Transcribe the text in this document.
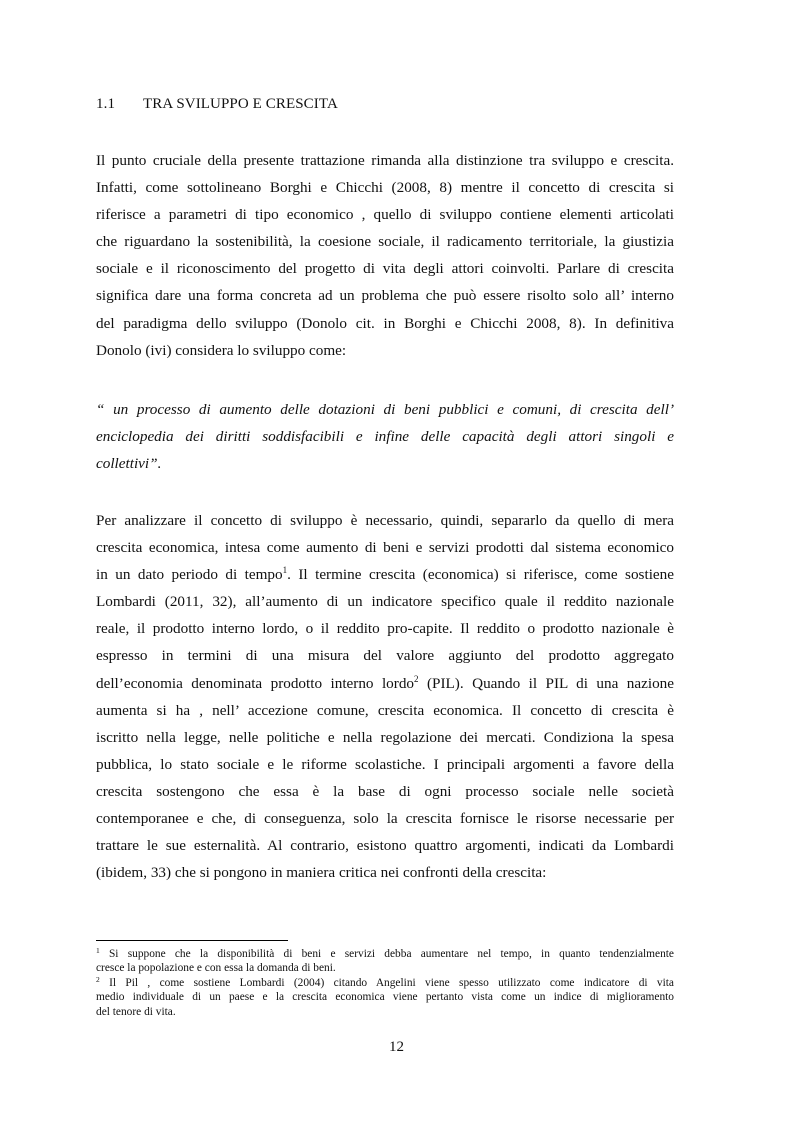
1.1 TRA SVILUPPO E CRESCITA
Il punto cruciale della presente trattazione rimanda alla distinzione tra sviluppo e crescita.
Infatti, come sottolineano Borghi e Chicchi (2008, 8) mentre il concetto di crescita si
riferisce a parametri di tipo economico , quello di sviluppo contiene elementi articolati
che riguardano la sostenibilità, la coesione sociale, il radicamento territoriale, la giustizia
sociale e il riconoscimento del progetto di vita degli attori coinvolti. Parlare di crescita
significa dare una forma concreta ad un problema che può essere risolto solo all’ interno
del paradigma dello sviluppo (Donolo cit. in Borghi e Chicchi 2008, 8). In definitiva
Donolo (ivi) considera lo sviluppo come:
“ un processo di aumento delle dotazioni di beni pubblici e comuni, di crescita dell’
enciclopedia dei diritti soddisfacibili e infine delle capacità degli attori singoli e
collettivi”.
Per analizzare il concetto di sviluppo è necessario, quindi, separarlo da quello di mera
crescita economica, intesa come aumento di beni e servizi prodotti dal sistema economico
in un dato periodo di tempo$^1$. Il termine crescita (economica) si riferisce, come sostiene
Lombardi (2011, 32), all’aumento di un indicatore specifico quale il reddito nazionale
reale, il prodotto interno lordo, o il reddito pro-capite. Il reddito o prodotto nazionale è
espresso in termini di una misura del valore aggiunto del prodotto aggregato
dell’economia denominata prodotto interno lordo$^2$ (PIL). Quando il PIL di una nazione
aumenta si ha , nell’ accezione comune, crescita economica. Il concetto di crescita è
iscritto nella legge, nelle politiche e nella regolazione dei mercati. Condiziona la spesa
pubblica, lo stato sociale e le riforme scolastiche. I principali argomenti a favore della
crescita sostengono che essa è la base di ogni processo sociale nelle società
contemporanee e che, di conseguenza, solo la crescita fornisce le risorse necessarie per
trattare le sue esternalità. Al contrario, esistono quattro argomenti, indicati da Lombardi
(ibidem, 33) che si pongono in maniera critica nei confronti della crescita:
$^1$ Si suppone che la disponibilità di beni e servizi debba aumentare nel tempo, in quanto tendenzialmente
cresce la popolazione e con essa la domanda di beni.
$^2$ Il Pil , come sostiene Lombardi (2004) citando Angelini viene spesso utilizzato come indicatore di vita
medio individuale di un paese e la crescita economica viene pertanto vista come un indice di miglioramento
del tenore di vita.
12
